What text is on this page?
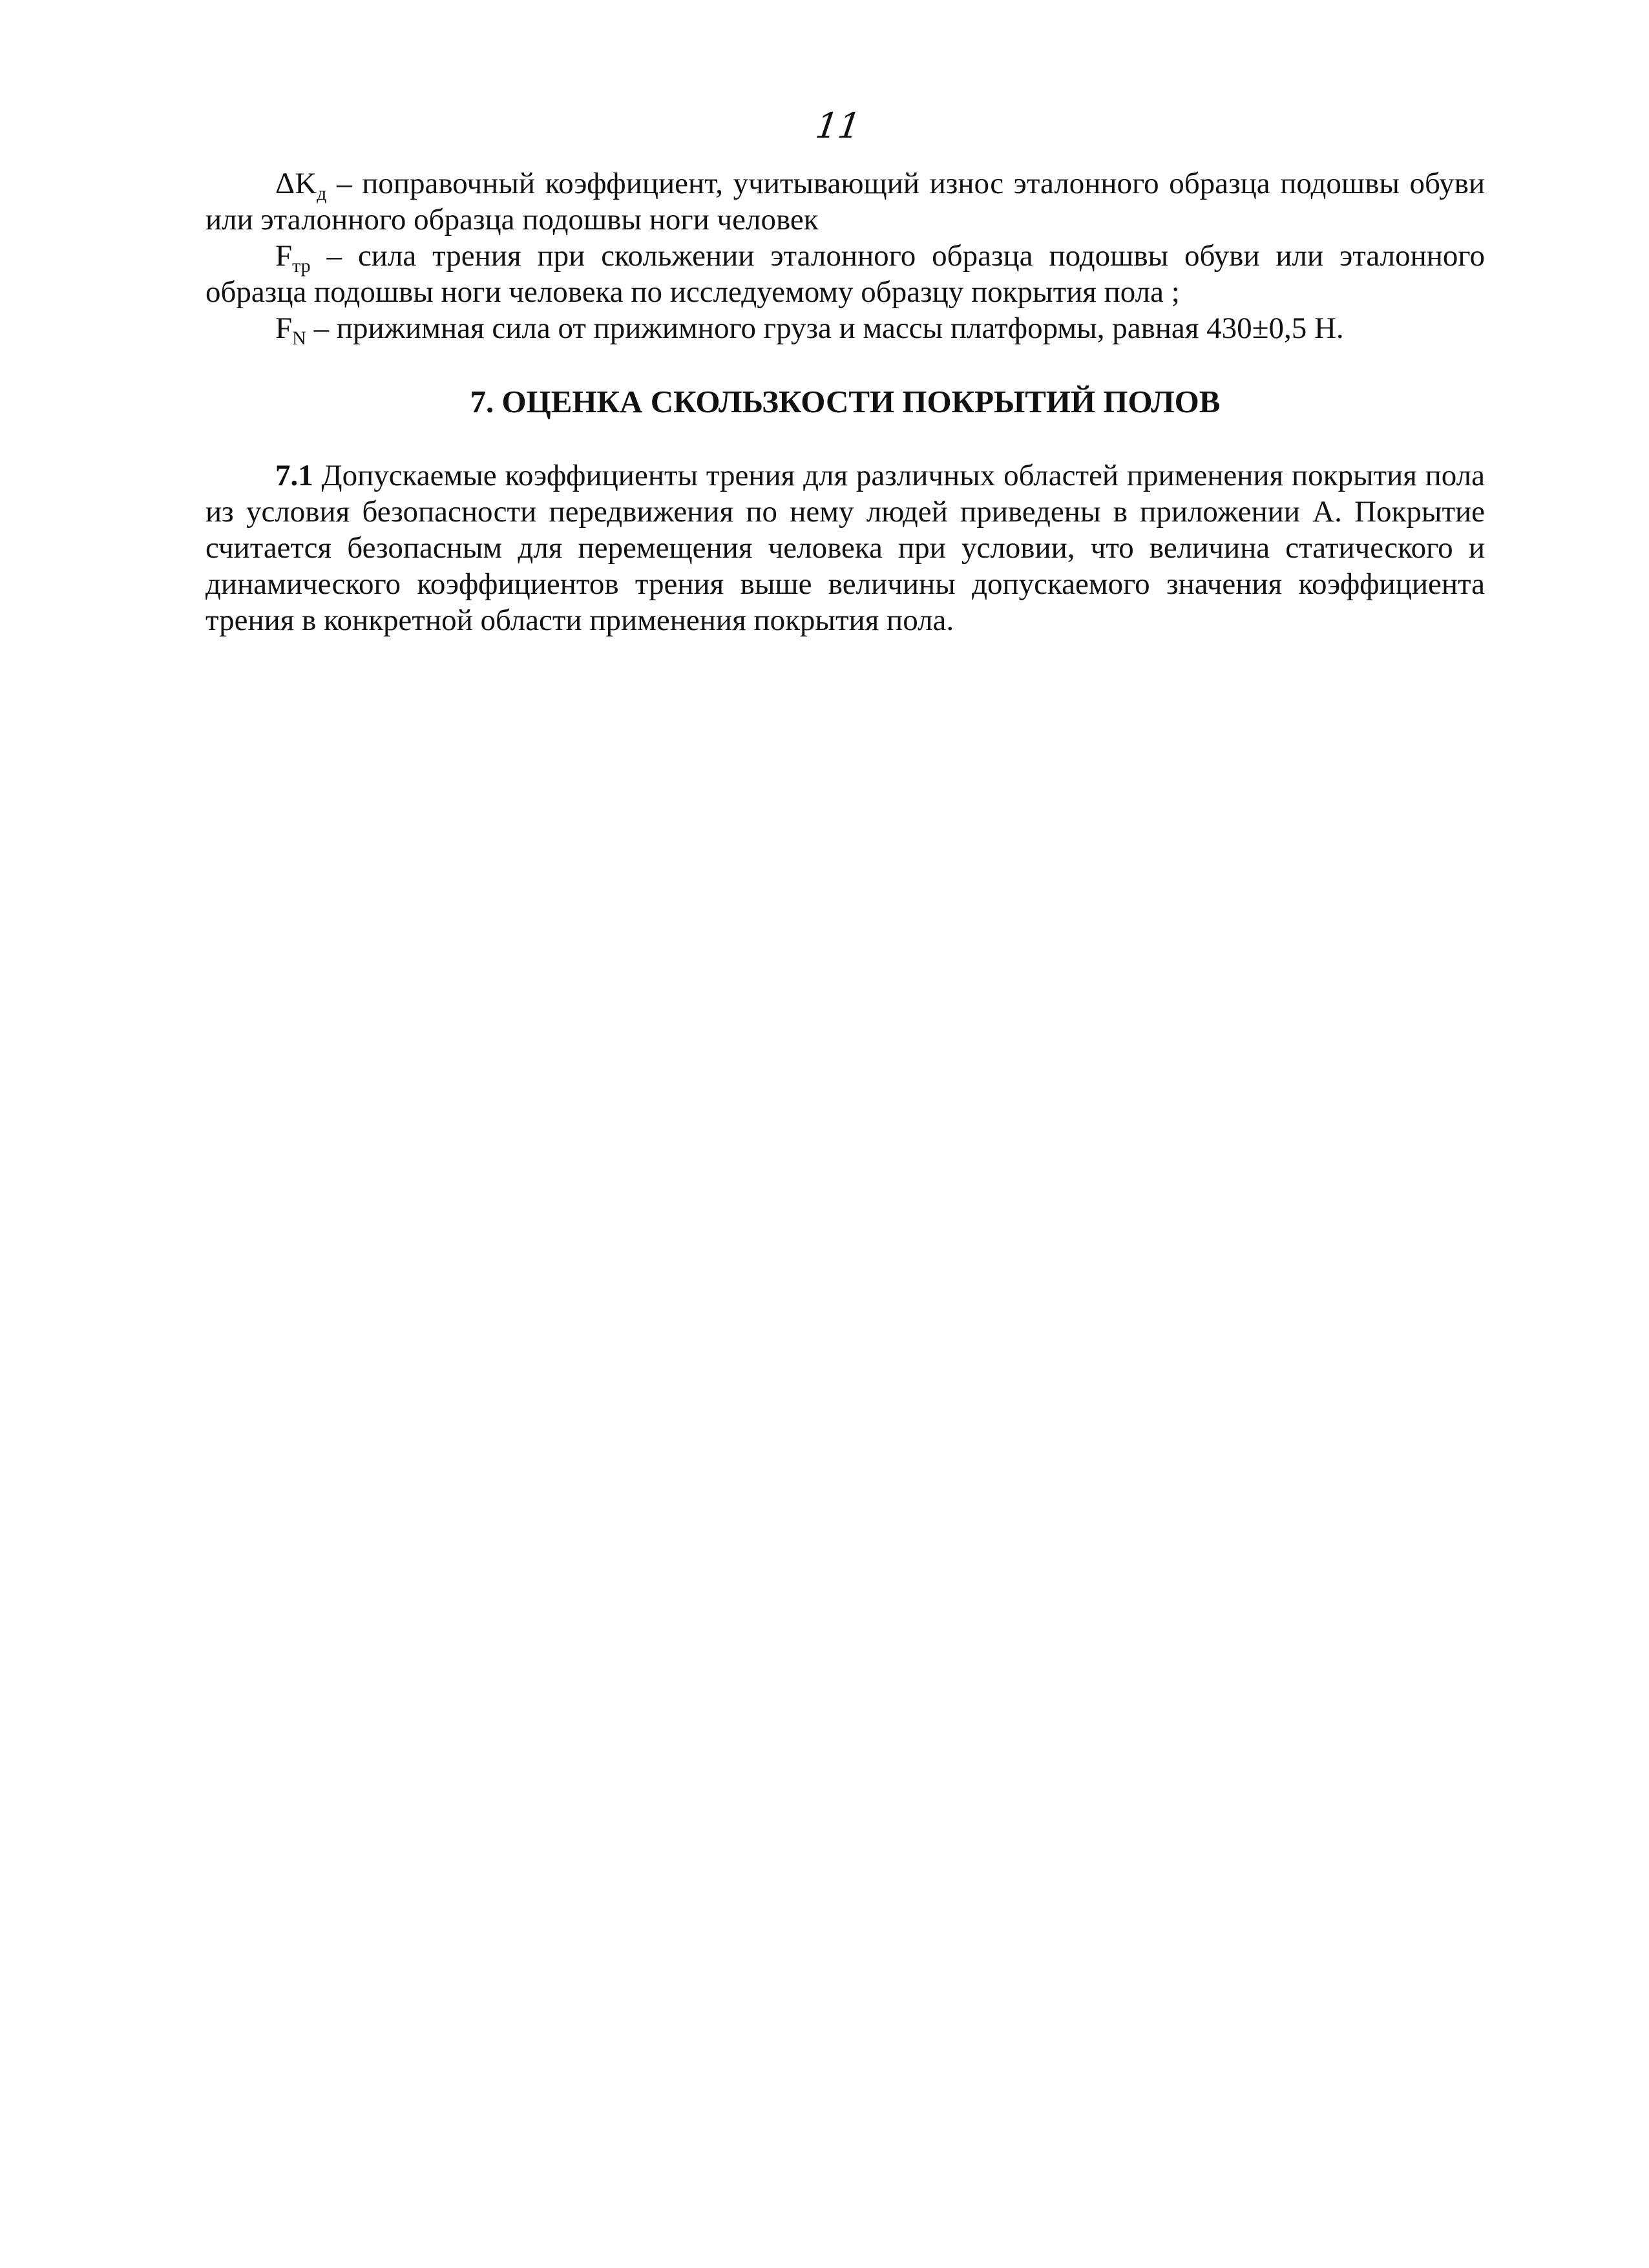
11

$\Delta K_д$ – поправочный коэффициент, учитывающий износ эталонного образца подошвы обуви или эталонного образца подошвы ноги человек

$F_{тр}$ – сила трения при скольжении эталонного образца подошвы обуви или эталонного образца подошвы ноги человека по исследуемому образцу покрытия пола ;

$F_N$ – прижимная сила от прижимного груза и массы платформы, равная 430±0,5 Н.

7. ОЦЕНКА СКОЛЬЗКОСТИ ПОКРЫТИЙ ПОЛОВ

7.1 Допускаемые коэффициенты трения для различных областей применения покрытия пола из условия безопасности передвижения по нему людей приведены в приложении А. Покрытие считается безопасным для перемещения человека при условии, что величина статического и динамического коэффициентов трения выше величины допускаемого значения коэффициента трения в конкретной области применения покрытия пола.
